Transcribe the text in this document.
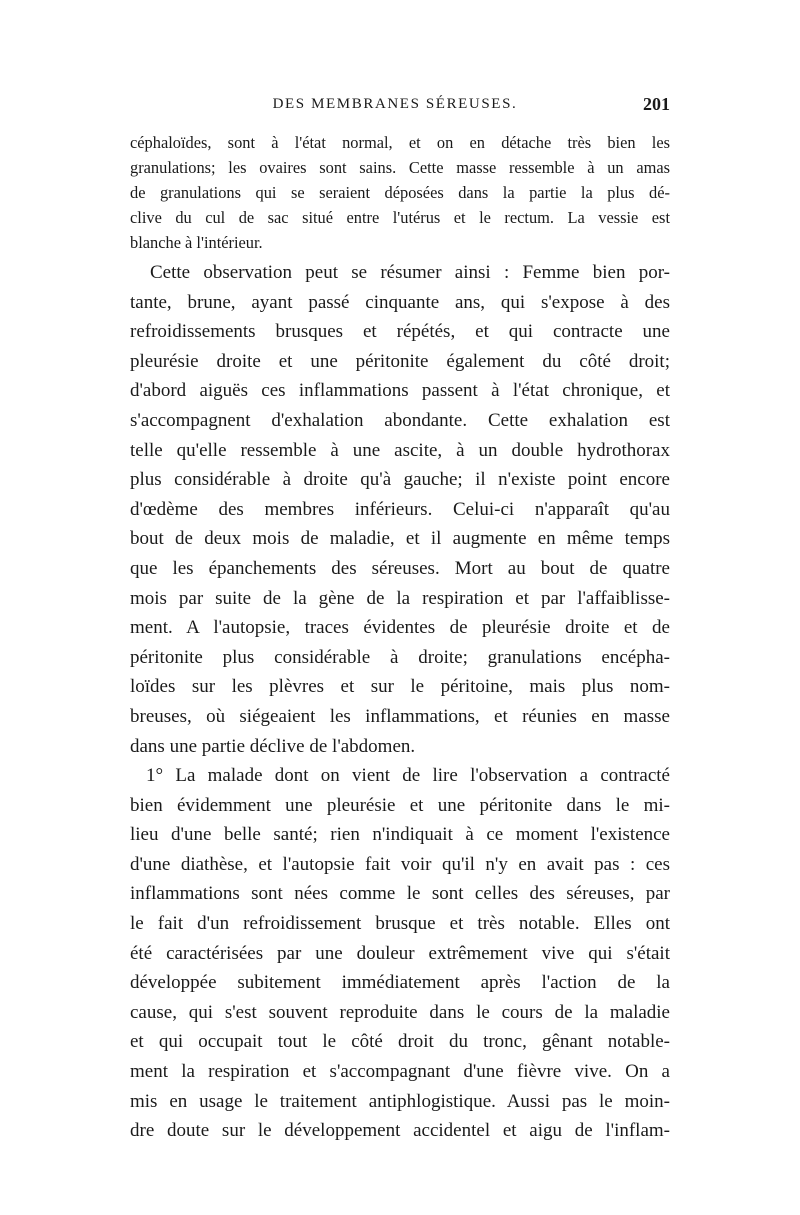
DES MEMBRANES SÉREUSES.	201
céphaloïdes, sont à l'état normal, et on en détache très bien les
granulations; les ovaires sont sains. Cette masse ressemble à un amas
de granulations qui se seraient déposées dans la partie la plus dé-
clive du cul de sac situé entre l'utérus et le rectum. La vessie est
blanche à l'intérieur.
Cette observation peut se résumer ainsi : Femme bien por-
tante, brune, ayant passé cinquante ans, qui s'expose à des
refroidissements brusques et répétés, et qui contracte une
pleurésie droite et une péritonite également du côté droit;
d'abord aiguës ces inflammations passent à l'état chronique, et
s'accompagnent d'exhalation abondante. Cette exhalation est
telle qu'elle ressemble à une ascite, à un double hydrothorax
plus considérable à droite qu'à gauche; il n'existe point encore
d'œdème des membres inférieurs. Celui-ci n'apparaît qu'au
bout de deux mois de maladie, et il augmente en même temps
que les épanchements des séreuses. Mort au bout de quatre
mois par suite de la gène de la respiration et par l'affaiblisse-
ment. A l'autopsie, traces évidentes de pleurésie droite et de
péritonite plus considérable à droite; granulations encépha-
loïdes sur les plèvres et sur le péritoine, mais plus nom-
breuses, où siégeaient les inflammations, et réunies en masse
dans une partie déclive de l'abdomen.
1° La malade dont on vient de lire l'observation a contracté
bien évidemment une pleurésie et une péritonite dans le mi-
lieu d'une belle santé; rien n'indiquait à ce moment l'existence
d'une diathèse, et l'autopsie fait voir qu'il n'y en avait pas : ces
inflammations sont nées comme le sont celles des séreuses, par
le fait d'un refroidissement brusque et très notable. Elles ont
été caractérisées par une douleur extrêmement vive qui s'était
développée subitement immédiatement après l'action de la
cause, qui s'est souvent reproduite dans le cours de la maladie
et qui occupait tout le côté droit du tronc, gênant notable-
ment la respiration et s'accompagnant d'une fièvre vive. On a
mis en usage le traitement antiphlogistique. Aussi pas le moin-
dre doute sur le développement accidentel et aigu de l'inflam-
